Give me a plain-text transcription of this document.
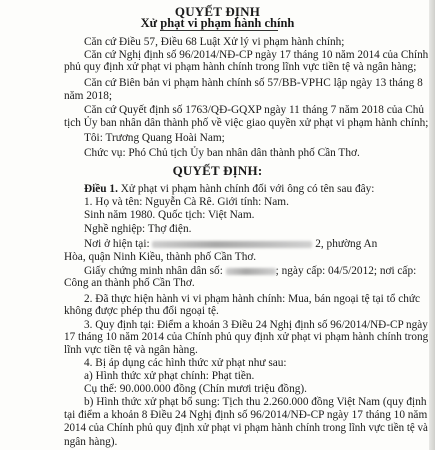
QUYẾT ĐỊNH
Xử phạt vi phạm hành chính
Căn cứ Điều 57, Điều 68 Luật Xử lý vi phạm hành chính;
Căn cứ Nghị định số 96/2014/NĐ-CP ngày 17 tháng 10 năm 2014 của Chính
phủ quy định xử phạt vi phạm hành chính trong lĩnh vực tiền tệ và ngân hàng;
Căn cứ Biên bản vi phạm hành chính số 57/BB-VPHC lập ngày 13 tháng 8
năm 2018;
Căn cứ Quyết định số 1763/QĐ-GQXP ngày 11 tháng 7 năm 2018 của Chủ
tịch Ủy ban nhân dân thành phố về việc giao quyền xử phạt vi phạm hành chính;
Tôi: Trương Quang Hoài Nam;
Chức vụ: Phó Chủ tịch Ủy ban nhân dân thành phố Cần Thơ.
QUYẾT ĐỊNH:
Điều 1. Xử phạt vi phạm hành chính đối với ông có tên sau đây:
1. Họ và tên: Nguyễn Cà Rê. Giới tính: Nam.
Sinh năm 1980. Quốc tịch: Việt Nam.
Nghề nghiệp: Thợ điện.
Nơi ở hiện tại:	2, phường An
Hòa, quận Ninh Kiều, thành phố Cần Thơ.
Giấy chứng minh nhân dân số:	; ngày cấp: 04/5/2012; nơi cấp:
Công an thành phố Cần Thơ.
2. Đã thực hiện hành vi vi phạm hành chính: Mua, bán ngoại tệ tại tổ chức
không được phép thu đổi ngoại tệ.
3. Quy định tại: Điểm a khoản 3 Điều 24 Nghị định số 96/2014/NĐ-CP ngày
17 tháng 10 năm 2014 của Chính phủ quy định xử phạt vi phạm hành chính trong
lĩnh vực tiền tệ và ngân hàng.
4. Bị áp dụng các hình thức xử phạt như sau:
a) Hình thức xử phạt chính: Phạt tiền.
Cụ thể: 90.000.000 đồng (Chín mươi triệu đồng).
b) Hình thức xử phạt bổ sung: Tịch thu 2.260.000 đồng Việt Nam (quy định
tại điểm a khoản 8 Điều 24 Nghị định số 96/2014/NĐ-CP ngày 17 tháng 10 năm
2014 của Chính phủ quy định xử phạt vi phạm hành chính trong lĩnh vực tiền tệ và
ngân hàng).
